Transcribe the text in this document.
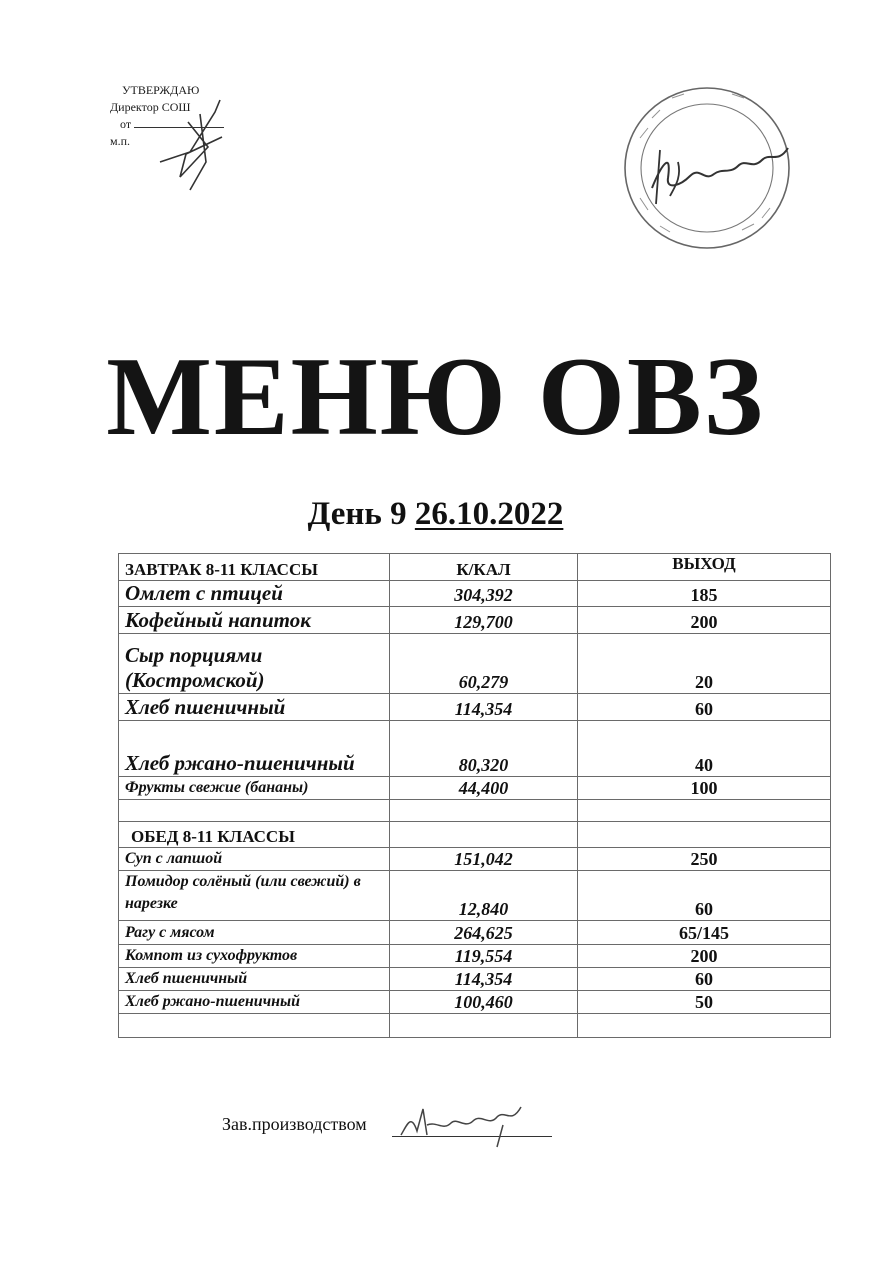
УТВЕРЖДАЮ
Директор СОШ
от
м.п.
МЕНЮ ОВЗ
День 9 26.10.2022
ЗАВТРАК 8-11 КЛАССЫ	К/КАЛ	ВЫХОД
Омлет с птицей	304,392	185
Кофейный напиток	129,700	200
Сыр порциями (Костромской)	60,279	20
Хлеб пшеничный	114,354	60
Хлеб ржано-пшеничный	80,320	40
Фрукты свежие (бананы)	44,400	100

ОБЕД 8-11 КЛАССЫ		
Суп с лапшой	151,042	250
Помидор солёный (или свежий) в нарезке	12,840	60
Рагу с мясом	264,625	65/145
Компот из сухофруктов	119,554	200
Хлеб пшеничный	114,354	60
Хлеб ржано-пшеничный	100,460	50

Зав.производством
